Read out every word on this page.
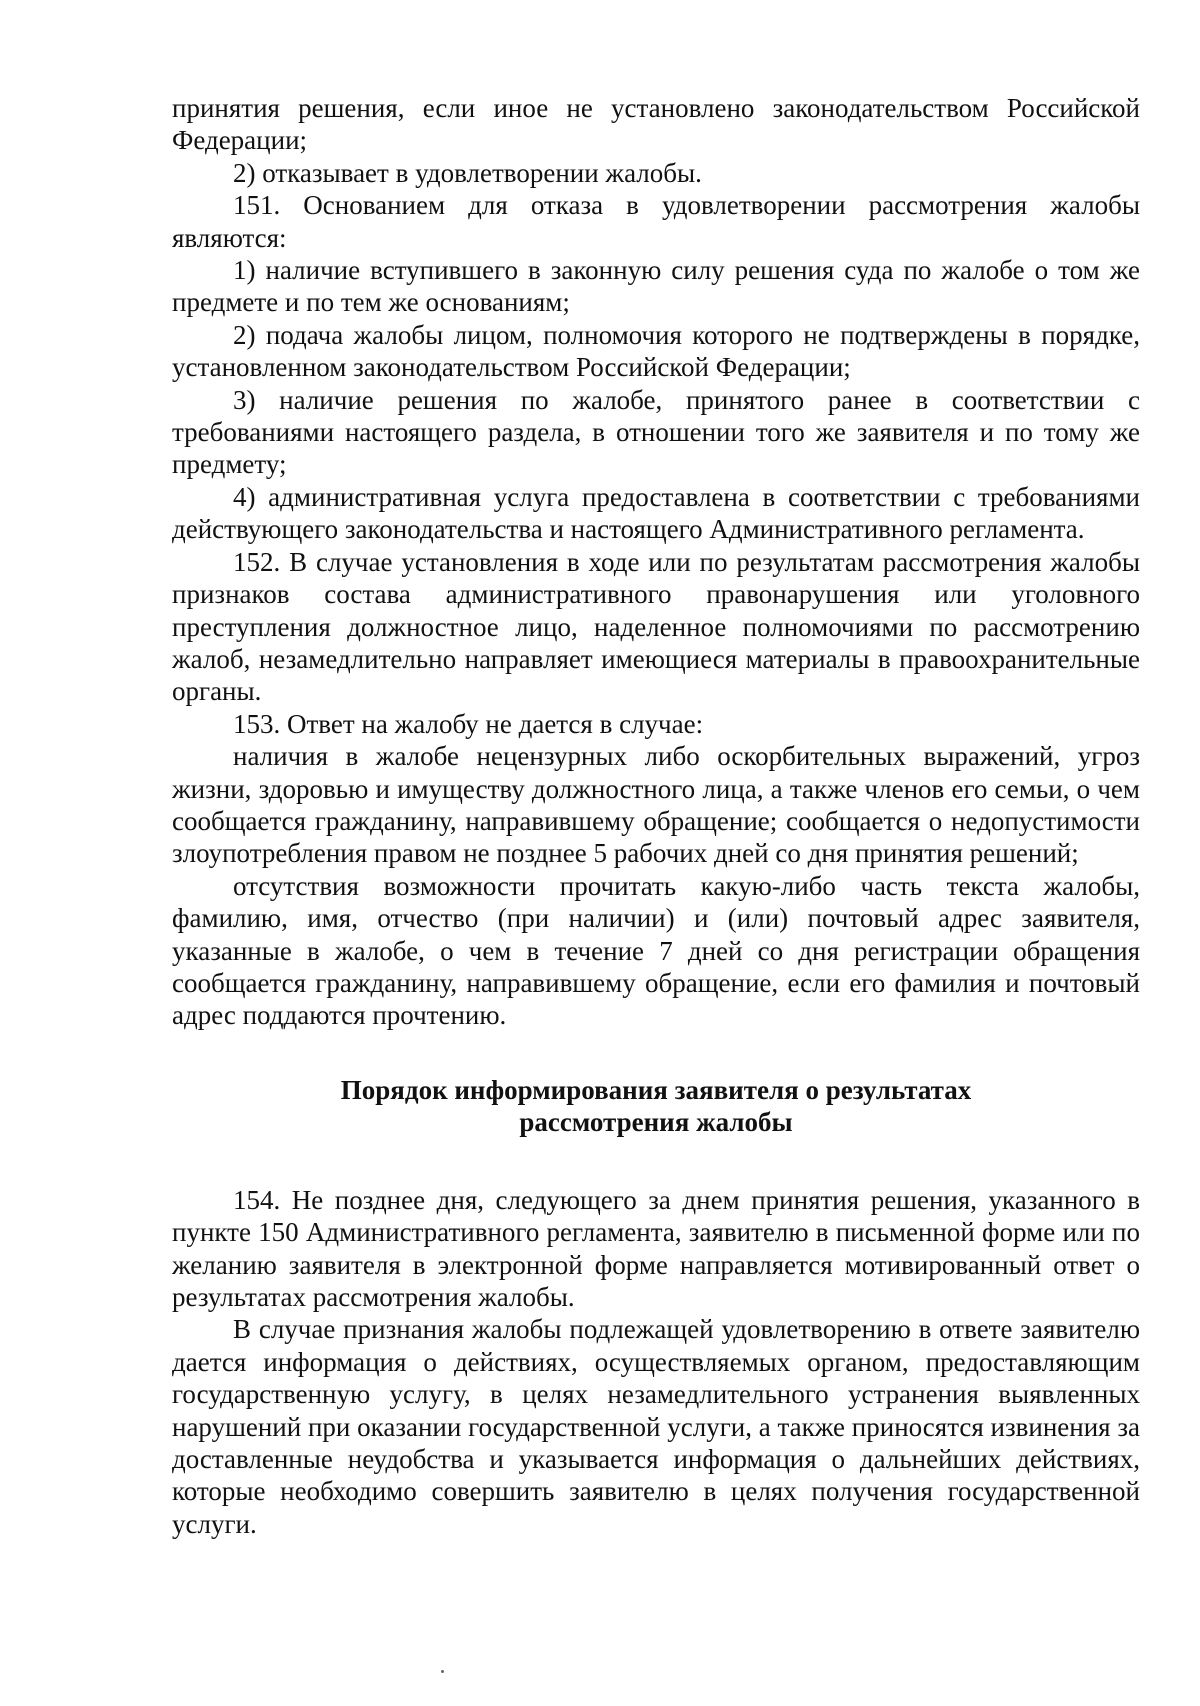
принятия решения, если иное не установлено законодательством Российской Федерации;

2) отказывает в удовлетворении жалобы.

151. Основанием для отказа в удовлетворении рассмотрения жалобы являются:

1) наличие вступившего в законную силу решения суда по жалобе о том же предмете и по тем же основаниям;

2) подача жалобы лицом, полномочия которого не подтверждены в порядке, установленном законодательством Российской Федерации;

3) наличие решения по жалобе, принятого ранее в соответствии с требованиями настоящего раздела, в отношении того же заявителя и по тому же предмету;

4) административная услуга предоставлена в соответствии с требованиями действующего законодательства и настоящего Административного регламента.

152. В случае установления в ходе или по результатам рассмотрения жалобы признаков состава административного правонарушения или уголовного преступления должностное лицо, наделенное полномочиями по рассмотрению жалоб, незамедлительно направляет имеющиеся материалы в правоохранительные органы.

153. Ответ на жалобу не дается в случае:

наличия в жалобе нецензурных либо оскорбительных выражений, угроз жизни, здоровью и имуществу должностного лица, а также членов его семьи, о чем сообщается гражданину, направившему обращение; сообщается о недопустимости злоупотребления правом не позднее 5 рабочих дней со дня принятия решений;

отсутствия возможности прочитать какую-либо часть текста жалобы, фамилию, имя, отчество (при наличии) и (или) почтовый адрес заявителя, указанные в жалобе, о чем в течение 7 дней со дня регистрации обращения сообщается гражданину, направившему обращение, если его фамилия и почтовый адрес поддаются прочтению.

Порядок информирования заявителя о результатах

рассмотрения жалобы

154. Не позднее дня, следующего за днем принятия решения, указанного в пункте 150 Административного регламента, заявителю в письменной форме или по желанию заявителя в электронной форме направляется мотивированный ответ о результатах рассмотрения жалобы.

В случае признания жалобы подлежащей удовлетворению в ответе заявителю дается информация о действиях, осуществляемых органом, предоставляющим государственную услугу, в целях незамедлительного устранения выявленных нарушений при оказании государственной услуги, а также приносятся извинения за доставленные неудобства и указывается информация о дальнейших действиях, которые необходимо совершить заявителю в целях получения государственной услуги.
